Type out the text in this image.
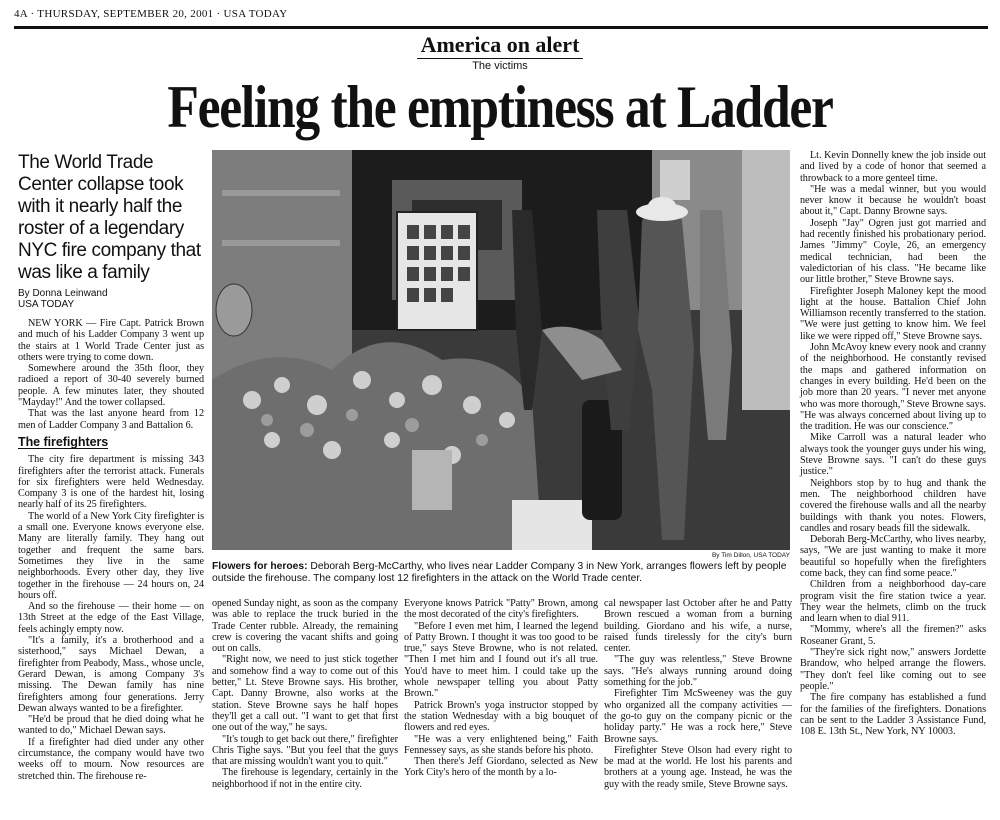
4A · THURSDAY, SEPTEMBER 20, 2001 · USA TODAY
America on alert
The victims
Feeling the emptiness at Ladder
The World Trade Center collapse took with it nearly half the roster of a legendary NYC fire company that was like a family
By Donna Leinwand
USA TODAY

NEW YORK — Fire Capt. Patrick Brown and much of his Ladder Company 3 went up the stairs at 1 World Trade Center just as others were trying to come down.

Somewhere around the 35th floor, they radioed a report of 30-40 severely burned people. A few minutes later, they shouted "Mayday!" And the tower collapsed.

That was the last anyone heard from 12 men of Ladder Company 3 and Battalion 6.

The firefighters

The city fire department is missing 343 firefighters after the terrorist attack. Funerals for six firefighters were held Wednesday. Company 3 is one of the hardest hit, losing nearly half of its 25 firefighters.

The world of a New York City firefighter is a small one. Everyone knows everyone else. Many are literally family. They hang out together and frequent the same bars. Sometimes they live in the same neighborhoods. Every other day, they live together in the firehouse — 24 hours on, 24 hours off.

And so the firehouse — their home — on 13th Street at the edge of the East Village, feels achingly empty now.

"It's a family, it's a brotherhood and a sisterhood," says Michael Dewan, a firefighter from Peabody, Mass., whose uncle, Gerard Dewan, is among Company 3's missing. The Dewan family has nine firefighters among four generations. Jerry Dewan always wanted to be a firefighter.

"He'd be proud that he died doing what he wanted to do," Michael Dewan says.

If a firefighter had died under any other circumstance, the company would have two weeks off to mourn. Now resources are stretched thin. The firehouse re-

By Tim Dillon, USA TODAY
Flowers for heroes: Deborah Berg-McCarthy, who lives near Ladder Company 3 in New York, arranges flowers left by people outside the firehouse. The company lost 12 firefighters in the attack on the World Trade center.

opened Sunday night, as soon as the company was able to replace the truck buried in the Trade Center rubble. Already, the remaining crew is covering the vacant shifts and going out on calls.

"Right now, we need to just stick together and somehow find a way to come out of this better," Lt. Steve Browne says. His brother, Capt. Danny Browne, also works at the station. Steve Browne says he half hopes they'll get a call out. "I want to get that first one out of the way," he says.

"It's tough to get back out there," firefighter Chris Tighe says. "But you feel that the guys that are missing wouldn't want you to quit."

The firehouse is legendary, certainly in the neighborhood if not in the entire city.

Everyone knows Patrick "Patty" Brown, among the most decorated of the city's firefighters.

"Before I even met him, I learned the legend of Patty Brown. I thought it was too good to be true," says Steve Browne, who is not related. "Then I met him and I found out it's all true. You'd have to meet him. I could take up the whole newspaper telling you about Patty Brown."

Patrick Brown's yoga instructor stopped by the station Wednesday with a big bouquet of flowers and red eyes.

"He was a very enlightened being," Faith Fennessey says, as she stands before his photo.

Then there's Jeff Giordano, selected as New York City's hero of the month by a lo-

cal newspaper last October after he and Patty Brown rescued a woman from a burning building. Giordano and his wife, a nurse, raised funds tirelessly for the city's burn center.

"The guy was relentless," Steve Browne says. "He's always running around doing something for the job."

Firefighter Tim McSweeney was the guy who organized all the company activities — the go-to guy on the company picnic or the holiday party." He was a rock here," Steve Browne says.

Firefighter Steve Olson had every right to be mad at the world. He lost his parents and brothers at a young age. Instead, he was the guy with the ready smile, Steve Browne says.

Lt. Kevin Donnelly knew the job inside out and lived by a code of honor that seemed a throwback to a more genteel time.

"He was a medal winner, but you would never know it because he wouldn't boast about it," Capt. Danny Browne says.

Joseph "Jay" Ogren just got married and had recently finished his probationary period. James "Jimmy" Coyle, 26, an emergency medical technician, had been the valedictorian of his class. "He became like our little brother," Steve Browne says.

Firefighter Joseph Maloney kept the mood light at the house. Battalion Chief John Williamson recently transferred to the station. "We were just getting to know him. We feel like we were ripped off," Steve Browne says.

John McAvoy knew every nook and cranny of the neighborhood. He constantly revised the maps and gathered information on changes in every building. He'd been on the job more than 20 years. "I never met anyone who was more thorough," Steve Browne says. "He was always concerned about living up to the tradition. He was our conscience."

Mike Carroll was a natural leader who always took the younger guys under his wing, Steve Browne says. "I can't do these guys justice."

Neighbors stop by to hug and thank the men. The neighborhood children have covered the firehouse walls and all the nearby buildings with thank you notes. Flowers, candles and rosary beads fill the sidewalk.

Deborah Berg-McCarthy, who lives nearby, says, "We are just wanting to make it more beautiful so hopefully when the firefighters come back, they can find some peace."

Children from a neighborhood day-care program visit the fire station twice a year. They wear the helmets, climb on the truck and learn when to dial 911.

"Mommy, where's all the firemen?" asks Roseaner Grant, 5.

"They're sick right now," answers Jordette Brandow, who helped arrange the flowers. "They don't feel like coming out to see people."

The fire company has established a fund for the families of the firefighters. Donations can be sent to the Ladder 3 Assistance Fund, 108 E. 13th St., New York, NY 10003.
